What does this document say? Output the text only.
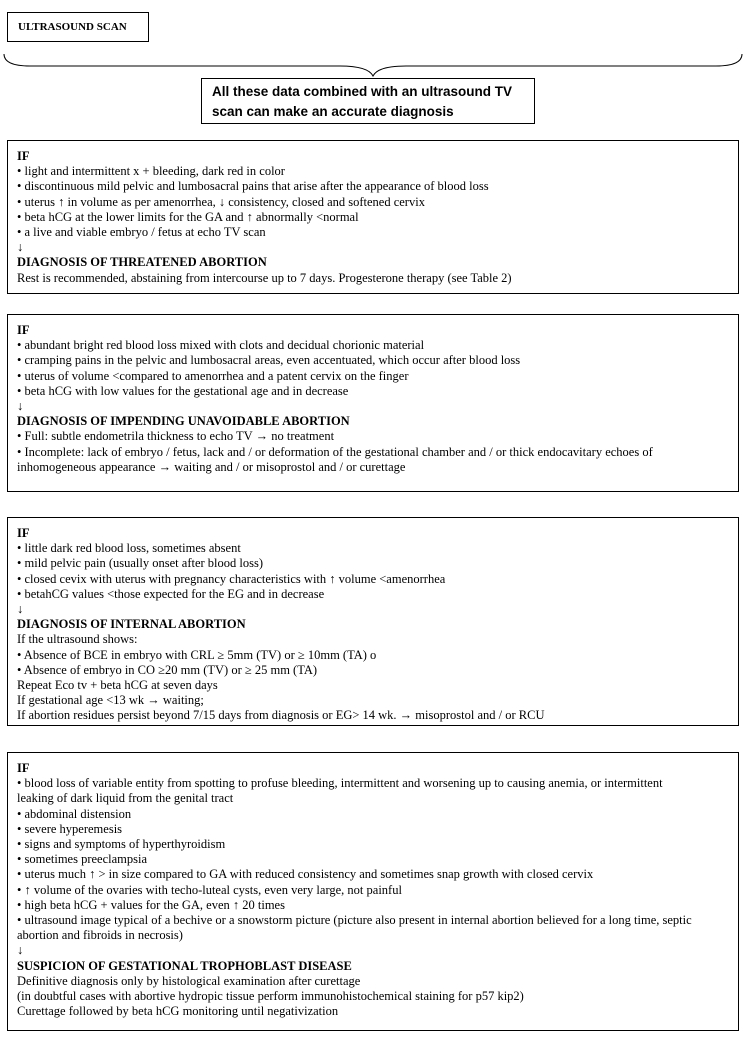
ULTRASOUND SCAN
All these data combined with an ultrasound TV
scan can make an accurate diagnosis
IF
• light and intermittent x + bleeding, dark red in color
• discontinuous mild pelvic and lumbosacral pains that arise after the appearance of blood loss
• uterus ↑ in volume as per amenorrhea, ↓ consistency, closed and softened cervix
• beta hCG at the lower limits for the GA and ↑ abnormally <normal
• a live and viable embryo / fetus at echo TV scan
↓
DIAGNOSIS OF THREATENED ABORTION
Rest is recommended, abstaining from intercourse up to 7 days. Progesterone therapy (see Table 2)
IF
• abundant bright red blood loss mixed with clots and decidual chorionic material
• cramping pains in the pelvic and lumbosacral areas, even accentuated, which occur after blood loss
• uterus of volume <compared to amenorrhea and a patent cervix on the finger
• beta hCG with low values for the gestational age and in decrease
↓
DIAGNOSIS OF IMPENDING UNAVOIDABLE ABORTION
• Full: subtle endometrila thickness to echo TV → no treatment
• Incomplete: lack of embryo / fetus, lack and / or deformation of the gestational chamber and / or thick endocavitary echoes of
inhomogeneous appearance → waiting and / or misoprostol and / or curettage
IF
• little dark red blood loss, sometimes absent
• mild pelvic pain (usually onset after blood loss)
• closed cevix with uterus with pregnancy characteristics with ↑ volume <amenorrhea
• betahCG values <those expected for the EG and in decrease
↓
DIAGNOSIS OF INTERNAL ABORTION
If the ultrasound shows:
• Absence of BCE in embryo with CRL ≥ 5mm (TV) or ≥ 10mm (TA) o
• Absence of embryo in CO ≥20 mm (TV) or ≥ 25 mm (TA)
Repeat Eco tv + beta hCG at seven days
If gestational age <13 wk → waiting;
If abortion residues persist beyond 7/15 days from diagnosis or EG> 14 wk. → misoprostol and / or RCU
IF
• blood loss of variable entity from spotting to profuse bleeding, intermittent and worsening up to causing anemia, or intermittent
leaking of dark liquid from the genital tract
• abdominal distension
• severe hyperemesis
• signs and symptoms of hyperthyroidism
• sometimes preeclampsia
• uterus much ↑ > in size compared to GA with reduced consistency and sometimes snap growth with closed cervix
• ↑ volume of the ovaries with techo-luteal cysts, even very large, not painful
• high beta hCG + values for the GA, even ↑ 20 times
• ultrasound image typical of a bechive or a snowstorm picture (picture also present in internal abortion believed for a long time, septic
abortion and fibroids in necrosis)
↓
SUSPICION OF GESTATIONAL TROPHOBLAST DISEASE
Definitive diagnosis only by histological examination after curettage
(in doubtful cases with abortive hydropic tissue perform immunohistochemical staining for p57 kip2)
Curettage followed by beta hCG monitoring until negativization
